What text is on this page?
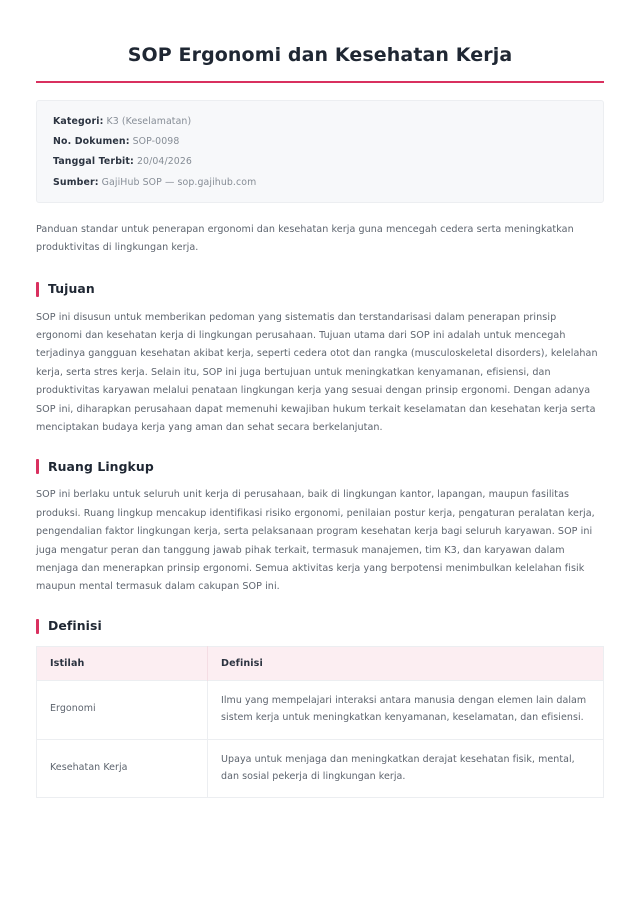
SOP Ergonomi dan Kesehatan Kerja
Kategori: K3 (Keselamatan)
No. Dokumen: SOP-0098
Tanggal Terbit: 20/04/2026
Sumber: GajiHub SOP — sop.gajihub.com

Panduan standar untuk penerapan ergonomi dan kesehatan kerja guna mencegah cedera serta meningkatkan produktivitas di lingkungan kerja.

Tujuan

SOP ini disusun untuk memberikan pedoman yang sistematis dan terstandarisasi dalam penerapan prinsip ergonomi dan kesehatan kerja di lingkungan perusahaan. Tujuan utama dari SOP ini adalah untuk mencegah terjadinya gangguan kesehatan akibat kerja, seperti cedera otot dan rangka (musculoskeletal disorders), kelelahan kerja, serta stres kerja. Selain itu, SOP ini juga bertujuan untuk meningkatkan kenyamanan, efisiensi, dan produktivitas karyawan melalui penataan lingkungan kerja yang sesuai dengan prinsip ergonomi. Dengan adanya SOP ini, diharapkan perusahaan dapat memenuhi kewajiban hukum terkait keselamatan dan kesehatan kerja serta menciptakan budaya kerja yang aman dan sehat secara berkelanjutan.

Ruang Lingkup

SOP ini berlaku untuk seluruh unit kerja di perusahaan, baik di lingkungan kantor, lapangan, maupun fasilitas produksi. Ruang lingkup mencakup identifikasi risiko ergonomi, penilaian postur kerja, pengaturan peralatan kerja, pengendalian faktor lingkungan kerja, serta pelaksanaan program kesehatan kerja bagi seluruh karyawan. SOP ini juga mengatur peran dan tanggung jawab pihak terkait, termasuk manajemen, tim K3, dan karyawan dalam menjaga dan menerapkan prinsip ergonomi. Semua aktivitas kerja yang berpotensi menimbulkan kelelahan fisik maupun mental termasuk dalam cakupan SOP ini.

Definisi
Istilah	Definisi
Ergonomi	Ilmu yang mempelajari interaksi antara manusia dengan elemen lain dalam sistem kerja untuk meningkatkan kenyamanan, keselamatan, dan efisiensi.
Kesehatan Kerja	Upaya untuk menjaga dan meningkatkan derajat kesehatan fisik, mental, dan sosial pekerja di lingkungan kerja.
